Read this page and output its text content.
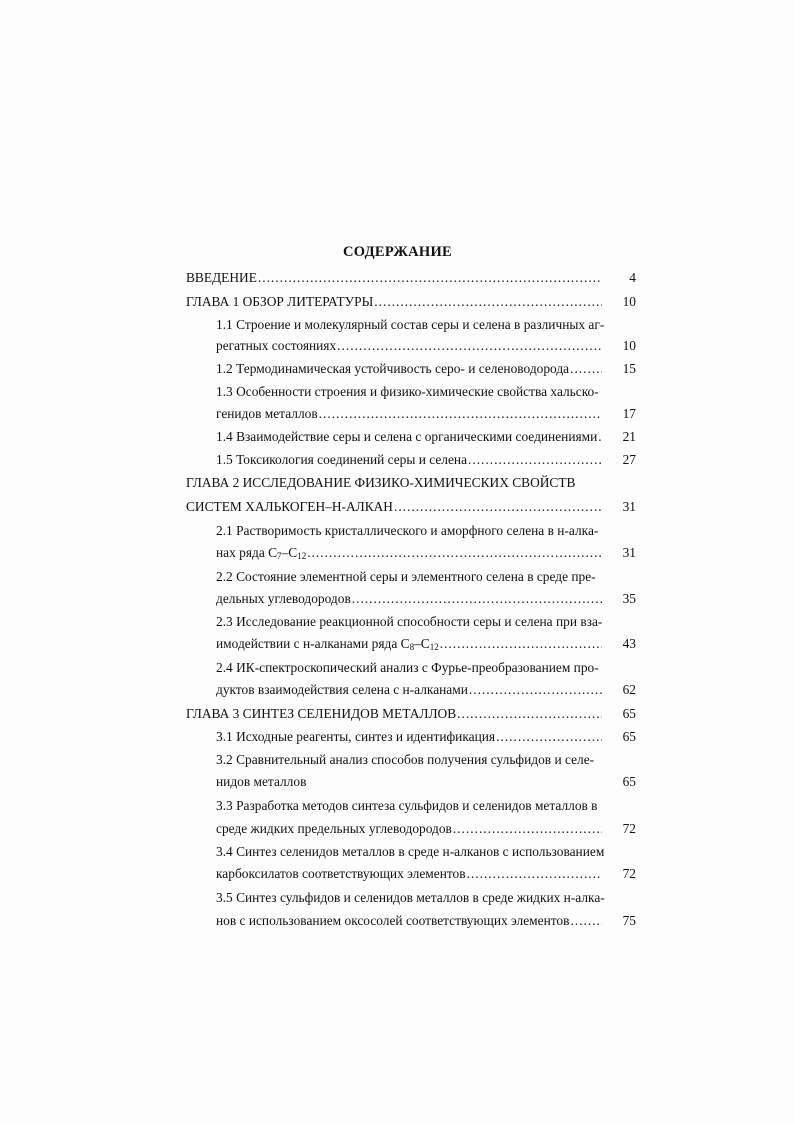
СОДЕРЖАНИЕ
ВВЕДЕНИЕ .....	4
ГЛАВА 1 ОБЗОР ЛИТЕРАТУРЫ .....	10
1.1 Строение и молекулярный состав серы и селена в различных аг-
регатных состояниях .....	10
1.2 Термодинамическая устойчивость серо- и селеноводорода .....	15
1.3 Особенности строения и физико-химические свойства хальско-
генидов металлов .....	17
1.4 Взаимодействие серы и селена с органическими соединениями .....	21
1.5 Токсикология соединений серы и селена .....	27
ГЛАВА 2 ИССЛЕДОВАНИЕ ФИЗИКО-ХИМИЧЕСКИХ СВОЙСТВ
СИСТЕМ ХАЛЬКОГЕН–Н-АЛКАН .....	31
2.1 Растворимость кристаллического и аморфного селена в н-алка-
нах ряда $С_7-С_{12}$ .....	31
2.2 Состояние элементной серы и элементного селена в среде пре-
дельных углеводородов .....	35
2.3 Исследование реакционной способности серы и селена при вза-
имодействии с н-алканами ряда $С_8-С_{12}$ .....	43
2.4 ИК-спектроскопический анализ с Фурье-преобразованием про-
дуктов взаимодействия селена с н-алканами .....	62
ГЛАВА 3 СИНТЕЗ СЕЛЕНИДОВ МЕТАЛЛОВ .....	65
3.1 Исходные реагенты, синтез и идентификация .....	65
3.2 Сравнительный анализ способов получения сульфидов и селе-
нидов металлов	65
3.3 Разработка методов синтеза сульфидов и селенидов металлов в
среде жидких предельных углеводородов .....	72
3.4 Синтез селенидов металлов в среде н-алканов с использованием
карбоксилатов соответствующих элементов .....	72
3.5 Синтез сульфидов и селенидов металлов в среде жидких н-алка-
нов с использованием оксосолей соответствующих элементов .....	75
